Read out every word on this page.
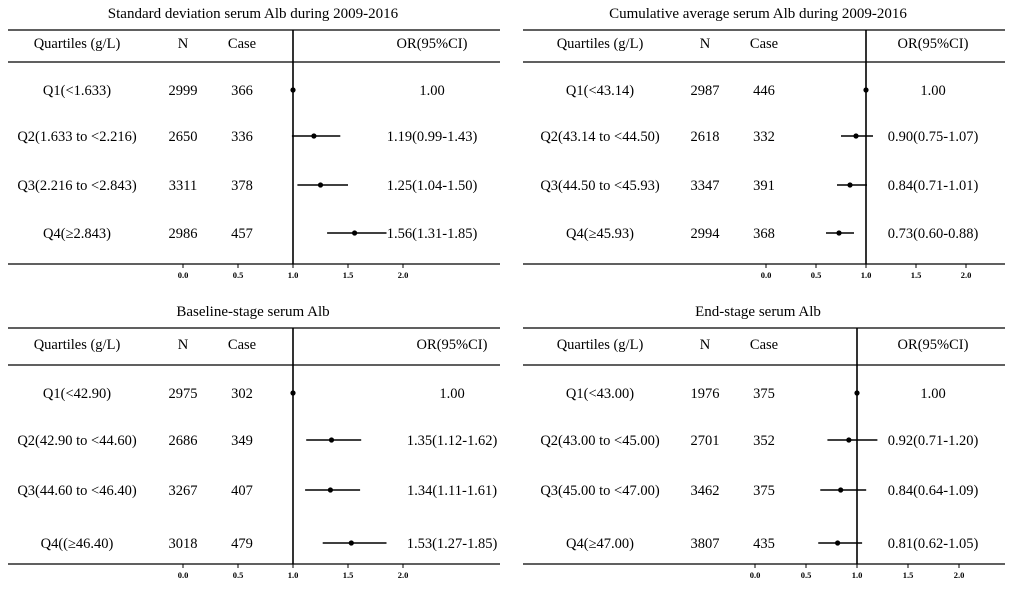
Standard deviation serum Alb during 2009-2016
Quartiles (g/L)	N	Case	OR(95%CI)
0.0	0.5	1.0	1.5	2.0
Q1(<1.633)	2999 366	1.00
Q2(1.633 to <2.216) 2650 336	1.19(0.99-1.43)
Q3(2.216 to <2.843) 3311 378	1.25(1.04-1.50)
Q4(≥2.843)	2986 457	1.56(1.31-1.85)
Cumulative average serum Alb during 2009-2016
Quartiles (g/L)	N	Case	OR(95%CI)
0.0	0.5	1.0	1.5	2.0
Q1(<43.14)	2987 446	1.00
Q2(43.14 to <44.50) 2618 332	0.90(0.75-1.07)
Q3(44.50 to <45.93) 3347 391	0.84(0.71-1.01)
Q4(≥45.93)	2994 368	0.73(0.60-0.88)
Baseline-stage serum Alb
Quartiles (g/L)	N	Case	OR(95%CI)
0.0	0.5	1.0	1.5	2.0
Q1(<42.90)	2975 302	1.00
Q2(42.90 to <44.60) 2686 349	1.35(1.12-1.62)
Q3(44.60 to <46.40) 3267 407	1.34(1.11-1.61)
Q4((≥46.40)	3018 479	1.53(1.27-1.85)
End-stage serum Alb
Quartiles (g/L)	N	Case	OR(95%CI)
0.0	0.5	1.0	1.5	2.0
Q1(<43.00)	1976 375	1.00
Q2(43.00 to <45.00) 2701 352	0.92(0.71-1.20)
Q3(45.00 to <47.00) 3462 375	0.84(0.64-1.09)
Q4(≥47.00)	3807 435	0.81(0.62-1.05)
